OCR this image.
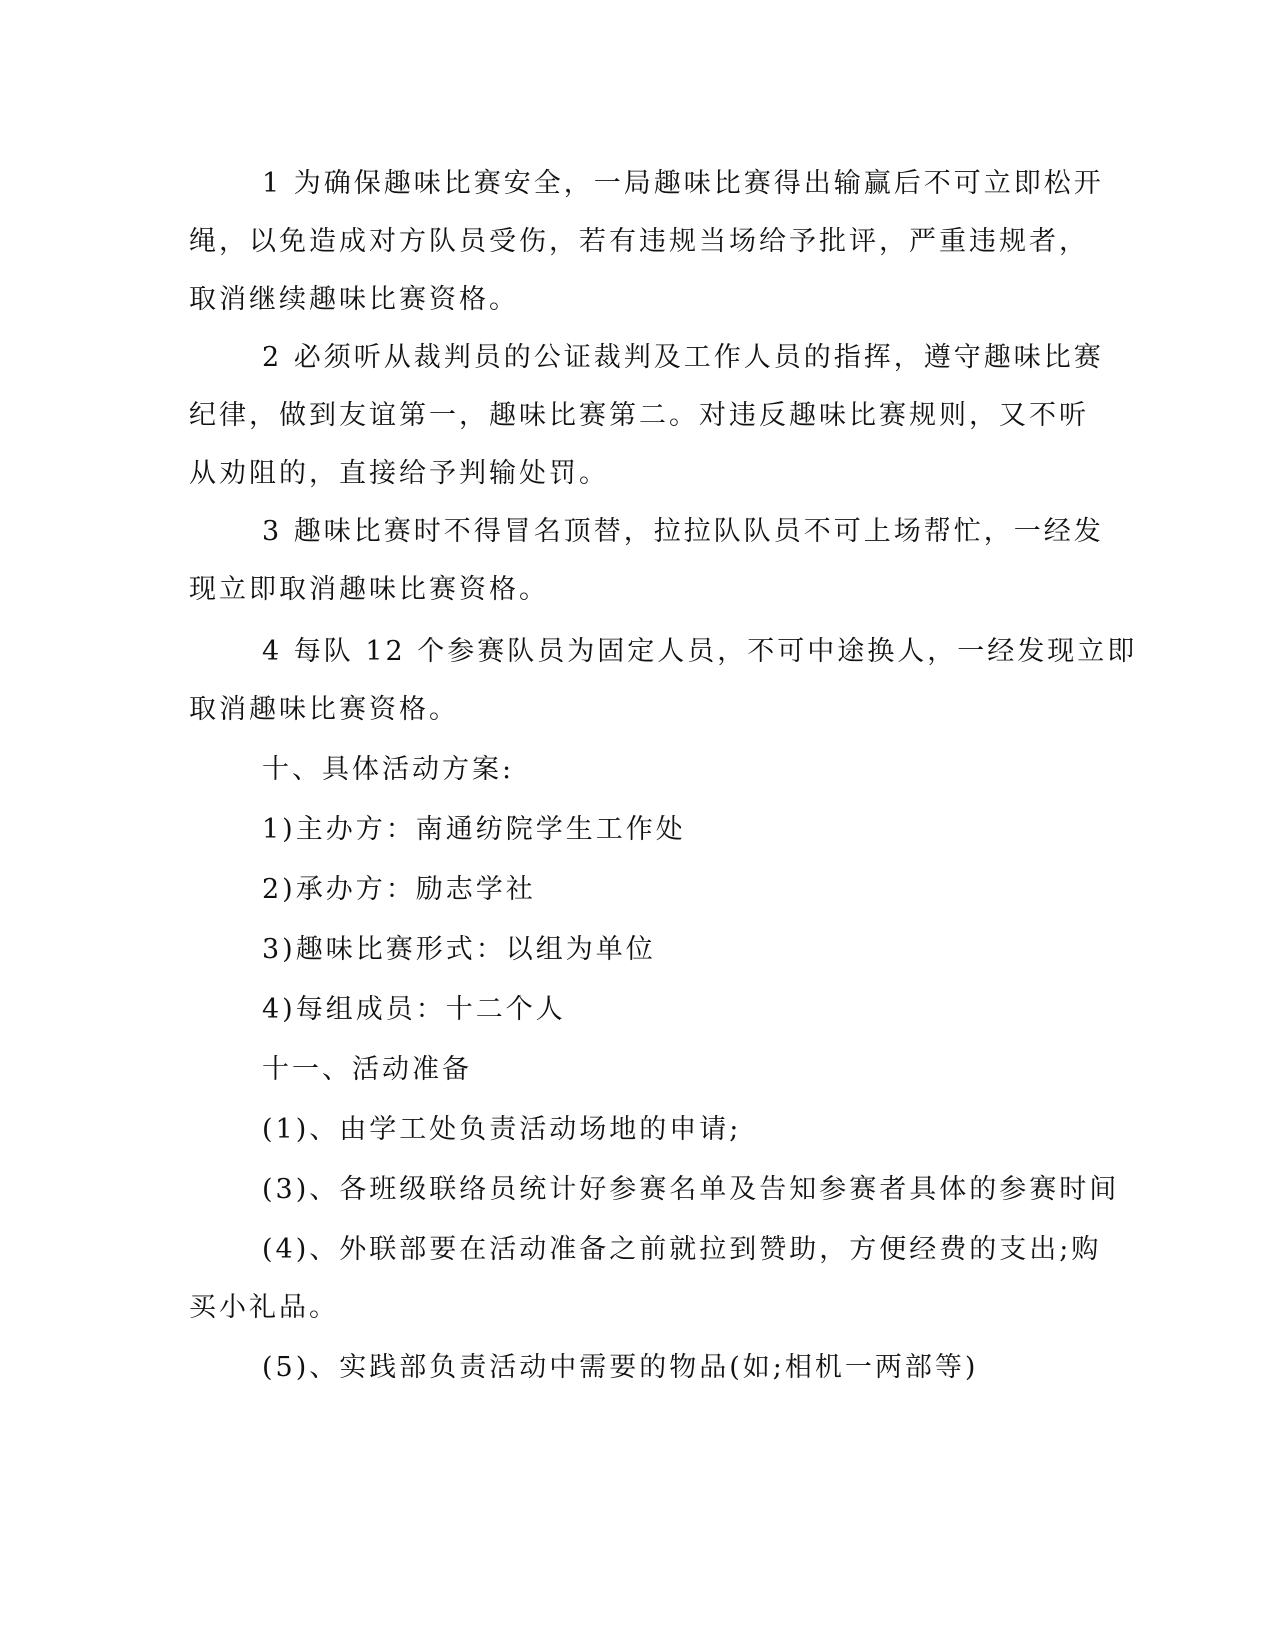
1 为确保趣味比赛安全，一局趣味比赛得出输赢后不可立即松开
绳，以免造成对方队员受伤，若有违规当场给予批评，严重违规者，
取消继续趣味比赛资格。
2 必须听从裁判员的公证裁判及工作人员的指挥，遵守趣味比赛
纪律，做到友谊第一，趣味比赛第二。对违反趣味比赛规则，又不听
从劝阻的，直接给予判输处罚。
3 趣味比赛时不得冒名顶替，拉拉队队员不可上场帮忙，一经发
现立即取消趣味比赛资格。
4 每队 12 个参赛队员为固定人员，不可中途换人，一经发现立即
取消趣味比赛资格。
十、具体活动方案:
1)主办方：南通纺院学生工作处
2)承办方：励志学社
3)趣味比赛形式：以组为单位
4)每组成员：十二个人
十一、活动准备
(1)、由学工处负责活动场地的申请;
(3)、各班级联络员统计好参赛名单及告知参赛者具体的参赛时间
(4)、外联部要在活动准备之前就拉到赞助，方便经费的支出;购
买小礼品。
(5)、实践部负责活动中需要的物品(如;相机一两部等)
